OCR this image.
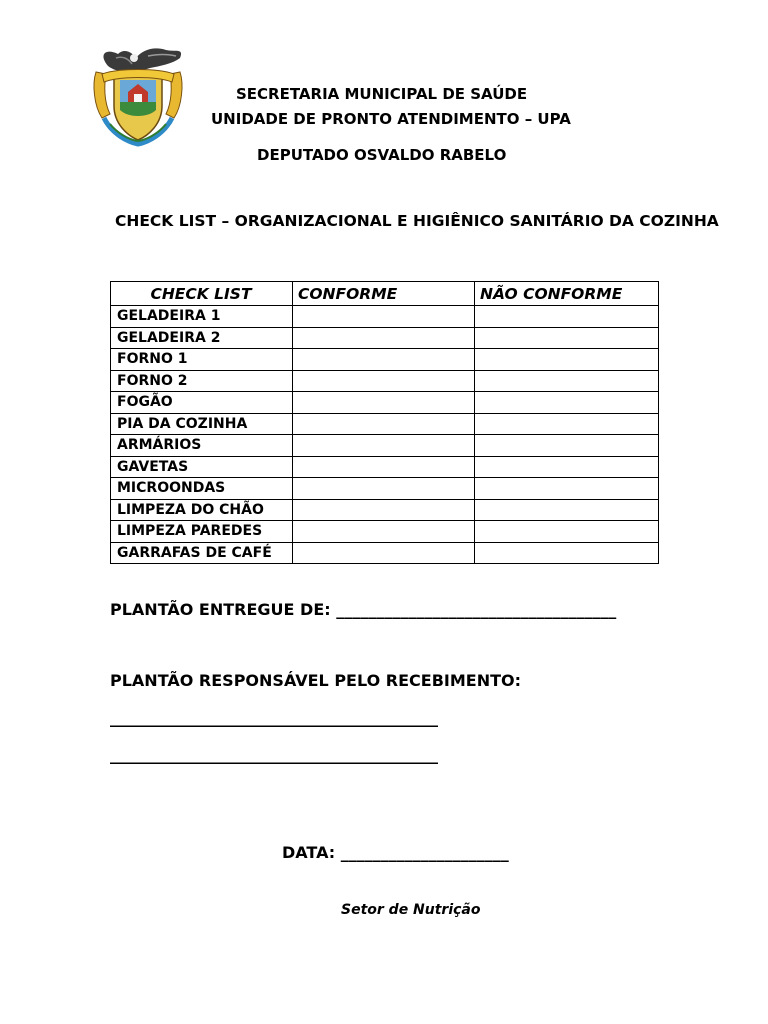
SECRETARIA MUNICIPAL DE SAÚDE
UNIDADE DE PRONTO ATENDIMENTO – UPA
DEPUTADO OSVALDO RABELO
CHECK LIST – ORGANIZACIONAL E HIGIÊNICO SANITÁRIO DA COZINHA
CHECK LIST	CONFORME	NÃO CONFORME
GELADEIRA 1		
GELADEIRA 2		
FORNO 1		
FORNO 2		
FOGÃO		
PIA DA COZINHA		
ARMÁRIOS		
GAVETAS		
MICROONDAS		
LIMPEZA DO CHÃO		
LIMPEZA PAREDES		
GARRAFAS DE CAFÉ		
PLANTÃO ENTREGUE DE: ___________________________________
PLANTÃO RESPONSÁVEL PELO RECEBIMENTO:
_________________________________________
_________________________________________
DATA: _____________________
Setor de Nutrição
